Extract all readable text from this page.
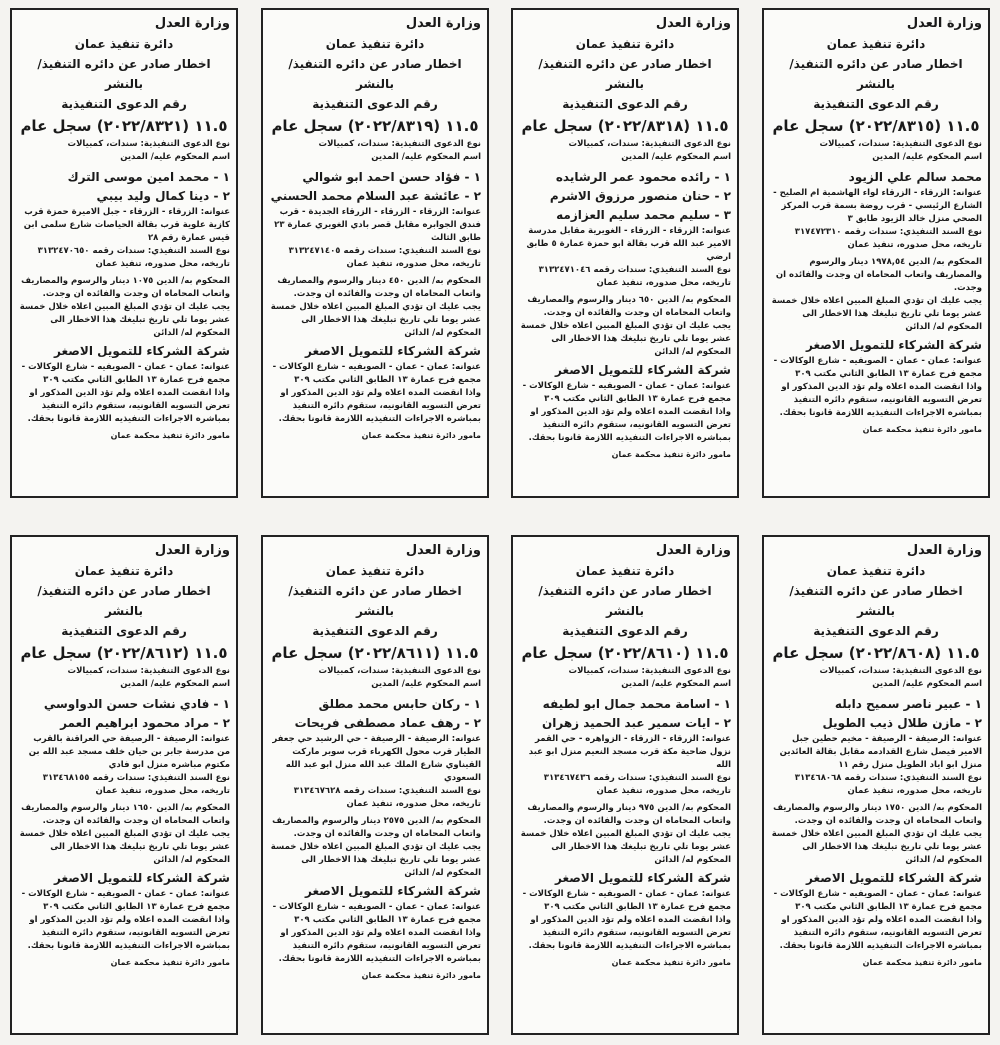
وزارة العدل
دائرة تنفيذ عمان
اخطار صادر عن دائره التنفيذ/ بالنشر
رقم الدعوى التنفيذية
١١.٥ (٢٠٢٢/٨٣١٥) سجل عام
نوع الدعوى التنفيذية: سندات، كمبيالات
اسم المحكوم عليه/ المدين
محمد سالم علي الزيود
عنوانه: الزرقاء - الزرقاء لواء الهاشمية ام الصليح - الشارع الرئيسي - قرب روضة بسمة قرب المركز الصحي منزل خالد الزيود طابق ٣
نوع السند التنفيذي: سندات رقمه ٣١٧٤٧٢٣١٠
تاريخه، محل صدوره، تنفيذ عمان
المحكوم به/ الدين ١٩٧٨,٥٤ دينار والرسوم والمصاريف واتعاب المحاماه ان وجدت والفائده ان وجدت.
يجب عليك ان تؤدي المبلغ المبين اعلاه خلال خمسة عشر يوما تلي تاريخ تبليغك هذا الاخطار الى المحكوم له/ الدائن
شركة الشركاء للتمويل الاصغر
عنوانه: عمان - عمان - الصويفيه - شارع الوكالات - مجمع فرح عمارة ١٣ الطابق الثاني مكتب ٣٠٩
واذا انقضت المده اعلاه ولم تؤد الدين المذكور او تعرض التسويه القانونيه، ستقوم دائره التنفيذ بمباشره الاجراءات التنفيذيه اللازمة قانونا بحقك.
مامور دائرة تنفيذ محكمة عمان
وزارة العدل
دائرة تنفيذ عمان
اخطار صادر عن دائره التنفيذ/ بالنشر
رقم الدعوى التنفيذية
١١.٥ (٢٠٢٢/٨٣١٨) سجل عام
نوع الدعوى التنفيذية: سندات، كمبيالات
اسم المحكوم عليه/ المدين
١ - رائده محمود عمر الرشايده
٢ - حنان منصور مرزوق الاشرم
٣ - سليم محمد سليم العزازمه
عنوانه: الزرقاء - الزرقاء - الغويرية مقابل مدرسة الامير عبد الله قرب بقالة ابو حمزة عمارة ٥ طابق ارضي
نوع السند التنفيذي: سندات رقمه ٣١٣٢٤٧١٠٤٦
تاريخه، محل صدوره، تنفيذ عمان
المحكوم به/ الدين ٦٥٠ دينار والرسوم والمصاريف واتعاب المحاماه ان وجدت والفائده ان وجدت.
يجب عليك ان تؤدي المبلغ المبين اعلاه خلال خمسة عشر يوما تلي تاريخ تبليغك هذا الاخطار الى المحكوم له/ الدائن
شركة الشركاء للتمويل الاصغر
عنوانه: عمان - عمان - الصويفيه - شارع الوكالات - مجمع فرح عمارة ١٣ الطابق الثاني مكتب ٣٠٩
واذا انقضت المده اعلاه ولم تؤد الدين المذكور او تعرض التسويه القانونيه، ستقوم دائره التنفيذ بمباشره الاجراءات التنفيذيه اللازمة قانونا بحقك.
مامور دائرة تنفيذ محكمة عمان
وزارة العدل
دائرة تنفيذ عمان
اخطار صادر عن دائره التنفيذ/ بالنشر
رقم الدعوى التنفيذية
١١.٥ (٢٠٢٢/٨٣١٩) سجل عام
نوع الدعوى التنفيذية: سندات، كمبيالات
اسم المحكوم عليه/ المدين
١ - فؤاد حسن احمد ابو شوالي
٢ - عائشة عبد السلام محمد الحسني
عنوانه: الزرقاء - الزرقاء - الزرقاء الجديدة - قرب فندق الجوابره مقابل قصر بادي الغويري عمارة ٢٣ طابق الثالث
نوع السند التنفيذي: سندات رقمه ٣١٣٢٤٧١٤٠٥
تاريخه، محل صدوره، تنفيذ عمان
المحكوم به/ الدين ٤٥٠ دينار والرسوم والمصاريف واتعاب المحاماه ان وجدت والفائده ان وجدت.
يجب عليك ان تؤدي المبلغ المبين اعلاه خلال خمسة عشر يوما تلي تاريخ تبليغك هذا الاخطار الى المحكوم له/ الدائن
شركة الشركاء للتمويل الاصغر
عنوانه: عمان - عمان - الصويفيه - شارع الوكالات - مجمع فرح عمارة ١٣ الطابق الثاني مكتب ٣٠٩
واذا انقضت المده اعلاه ولم تؤد الدين المذكور او تعرض التسويه القانونيه، ستقوم دائره التنفيذ بمباشره الاجراءات التنفيذيه اللازمة قانونا بحقك.
مامور دائرة تنفيذ محكمة عمان
وزارة العدل
دائرة تنفيذ عمان
اخطار صادر عن دائره التنفيذ/ بالنشر
رقم الدعوى التنفيذية
١١.٥ (٢٠٢٢/٨٣٢١) سجل عام
نوع الدعوى التنفيذية: سندات، كمبيالات
اسم المحكوم عليه/ المدين
١ - محمد امين موسى الترك
٢ - دينا كمال وليد بيبي
عنوانه: الزرقاء - الزرقاء - جبل الاميرة حمزة قرب كازية علوية قرب بقالة الحياصات شارع سلمى ابن قيس عمارة رقم ٢٨
نوع السند التنفيذي: سندات رقمه ٣١٣٢٤٧٠٦٥٠
تاريخه، محل صدوره، تنفيذ عمان
المحكوم به/ الدين ١٠٧٥ دينار والرسوم والمصاريف واتعاب المحاماه ان وجدت والفائده ان وجدت.
يجب عليك ان تؤدي المبلغ المبين اعلاه خلال خمسة عشر يوما تلي تاريخ تبليغك هذا الاخطار الى المحكوم له/ الدائن
شركة الشركاء للتمويل الاصغر
عنوانه: عمان - عمان - الصويفيه - شارع الوكالات - مجمع فرح عمارة ١٣ الطابق الثاني مكتب ٣٠٩
واذا انقضت المده اعلاه ولم تؤد الدين المذكور او تعرض التسويه القانونيه، ستقوم دائره التنفيذ بمباشره الاجراءات التنفيذيه اللازمة قانونا بحقك.
مامور دائرة تنفيذ محكمة عمان
وزارة العدل
دائرة تنفيذ عمان
اخطار صادر عن دائره التنفيذ/ بالنشر
رقم الدعوى التنفيذية
١١.٥ (٢٠٢٢/٨٦٠٨) سجل عام
نوع الدعوى التنفيذية: سندات، كمبيالات
اسم المحكوم عليه/ المدين
١ - عبير ناصر سميح دابله
٢ - مازن طلال ذيب الطويل
عنوانه: الرصيفة - الرصيفة - مخيم حطين جبل الامير فيصل شارع القدادمه مقابل بقالة العائدين منزل ابو اياد الطويل منزل رقم ١١
نوع السند التنفيذي: سندات رقمه ٣١٣٤٦٨٠٦٨
تاريخه، محل صدوره، تنفيذ عمان
المحكوم به/ الدين ١٧٥٠ دينار والرسوم والمصاريف واتعاب المحاماه ان وجدت والفائده ان وجدت.
يجب عليك ان تؤدي المبلغ المبين اعلاه خلال خمسة عشر يوما تلي تاريخ تبليغك هذا الاخطار الى المحكوم له/ الدائن
شركة الشركاء للتمويل الاصغر
عنوانه: عمان - عمان - الصويفيه - شارع الوكالات - مجمع فرح عمارة ١٣ الطابق الثاني مكتب ٣٠٩
واذا انقضت المده اعلاه ولم تؤد الدين المذكور او تعرض التسويه القانونيه، ستقوم دائره التنفيذ بمباشره الاجراءات التنفيذيه اللازمة قانونا بحقك.
مامور دائرة تنفيذ محكمة عمان
وزارة العدل
دائرة تنفيذ عمان
اخطار صادر عن دائره التنفيذ/ بالنشر
رقم الدعوى التنفيذية
١١.٥ (٢٠٢٢/٨٦١٠) سجل عام
نوع الدعوى التنفيذية: سندات، كمبيالات
اسم المحكوم عليه/ المدين
١ - اسامة محمد جمال ابو لطيفه
٢ - ايات سمير عبد الحميد زهران
عنوانه: الزرقاء - الزرقاء - الزواهره - حي القمر نزول ضاحية مكة قرب مسجد النعيم منزل ابو عبد الله
نوع السند التنفيذي: سندات رقمه ٣١٣٤٦٧٤٣٦
تاريخه، محل صدوره، تنفيذ عمان
المحكوم به/ الدين ٩٧٥ دينار والرسوم والمصاريف واتعاب المحاماه ان وجدت والفائده ان وجدت.
يجب عليك ان تؤدي المبلغ المبين اعلاه خلال خمسة عشر يوما تلي تاريخ تبليغك هذا الاخطار الى المحكوم له/ الدائن
شركة الشركاء للتمويل الاصغر
عنوانه: عمان - عمان - الصويفيه - شارع الوكالات - مجمع فرح عمارة ١٣ الطابق الثاني مكتب ٣٠٩
واذا انقضت المده اعلاه ولم تؤد الدين المذكور او تعرض التسويه القانونيه، ستقوم دائره التنفيذ بمباشره الاجراءات التنفيذيه اللازمة قانونا بحقك.
مامور دائرة تنفيذ محكمة عمان
وزارة العدل
دائرة تنفيذ عمان
اخطار صادر عن دائره التنفيذ/ بالنشر
رقم الدعوى التنفيذية
١١.٥ (٢٠٢٢/٨٦١١) سجل عام
نوع الدعوى التنفيذية: سندات، كمبيالات
اسم المحكوم عليه/ المدين
١ - ركان حابس محمد مطلق
٢ - رهف عماد مصطفى فريحات
عنوانه: الرصيفة - الرصيفة - حي الرشيد حي جعفر الطيار قرب محول الكهرباء قرب سوبر ماركت القيناوي شارع الملك عبد الله منزل ابو عبد الله السعودي
نوع السند التنفيذي: سندات رقمه ٣١٣٤٦٧٦٢٨
تاريخه، محل صدوره، تنفيذ عمان
المحكوم به/ الدين ٢٥٧٥ دينار والرسوم والمصاريف واتعاب المحاماه ان وجدت والفائده ان وجدت.
يجب عليك ان تؤدي المبلغ المبين اعلاه خلال خمسة عشر يوما تلي تاريخ تبليغك هذا الاخطار الى المحكوم له/ الدائن
شركة الشركاء للتمويل الاصغر
عنوانه: عمان - عمان - الصويفيه - شارع الوكالات - مجمع فرح عمارة ١٣ الطابق الثاني مكتب ٣٠٩
واذا انقضت المده اعلاه ولم تؤد الدين المذكور او تعرض التسويه القانونيه، ستقوم دائره التنفيذ بمباشره الاجراءات التنفيذيه اللازمة قانونا بحقك.
مامور دائرة تنفيذ محكمة عمان
وزارة العدل
دائرة تنفيذ عمان
اخطار صادر عن دائره التنفيذ/ بالنشر
رقم الدعوى التنفيذية
١١.٥ (٢٠٢٢/٨٦١٢) سجل عام
نوع الدعوى التنفيذية: سندات، كمبيالات
اسم المحكوم عليه/ المدين
١ - فادي نشات حسن الدواوسي
٢ - مراد محمود ابراهيم العمر
عنوانه: الرصيفة - الرصيفة حي العراقنة بالقرب من مدرسة جابر بن حيان خلف مسجد عبد الله بن مكتوم مباشره منزل ابو فادي
نوع السند التنفيذي: سندات رقمه ٣١٣٤٦٨١٥٥
تاريخه، محل صدوره، تنفيذ عمان
المحكوم به/ الدين ١٦٥٠ دينار والرسوم والمصاريف واتعاب المحاماه ان وجدت والفائده ان وجدت.
يجب عليك ان تؤدي المبلغ المبين اعلاه خلال خمسة عشر يوما تلي تاريخ تبليغك هذا الاخطار الى المحكوم له/ الدائن
شركة الشركاء للتمويل الاصغر
عنوانه: عمان - عمان - الصويفيه - شارع الوكالات - مجمع فرح عمارة ١٣ الطابق الثاني مكتب ٣٠٩
واذا انقضت المده اعلاه ولم تؤد الدين المذكور او تعرض التسويه القانونيه، ستقوم دائره التنفيذ بمباشره الاجراءات التنفيذيه اللازمة قانونا بحقك.
مامور دائرة تنفيذ محكمة عمان
